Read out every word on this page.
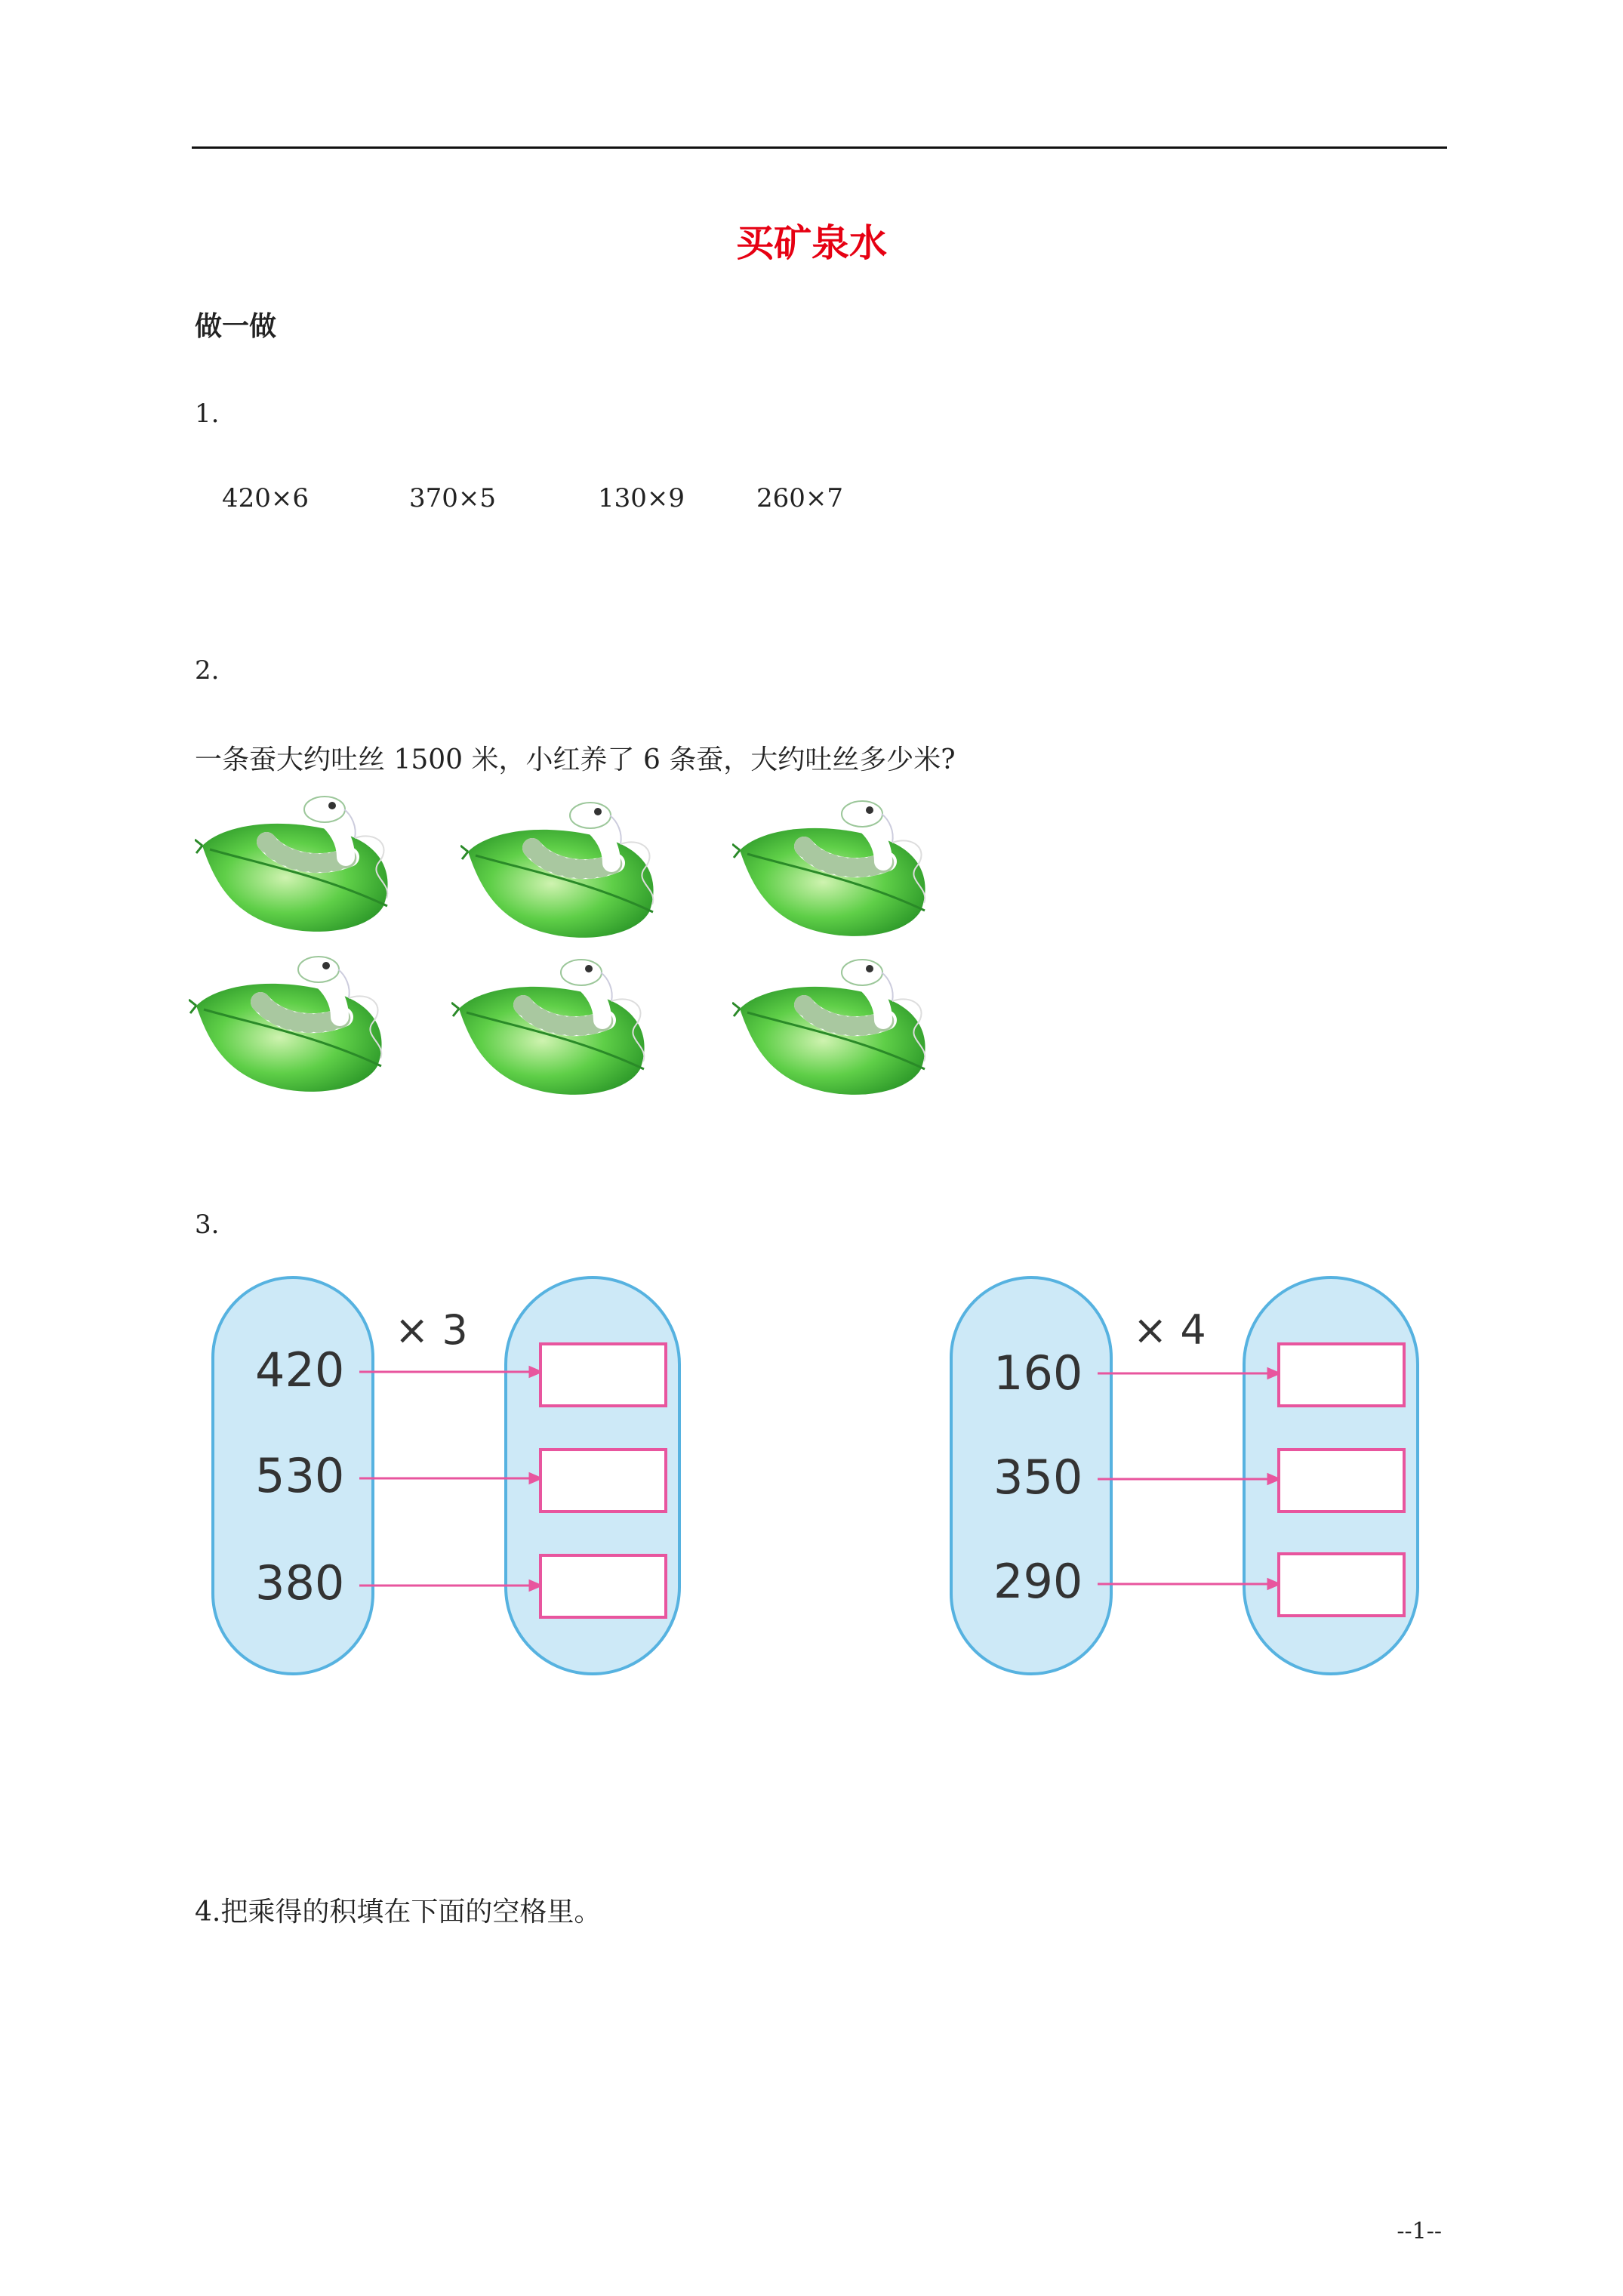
买矿泉水
做一做
1.
420×6	370×5	130×9	260×7
2.
一条蚕大约吐丝 1500 米，小红养了 6 条蚕，大约吐丝多少米?
3.
× 3
420
530
380
× 4
160
350
290
4.把乘得的积填在下面的空格里。
--1--
